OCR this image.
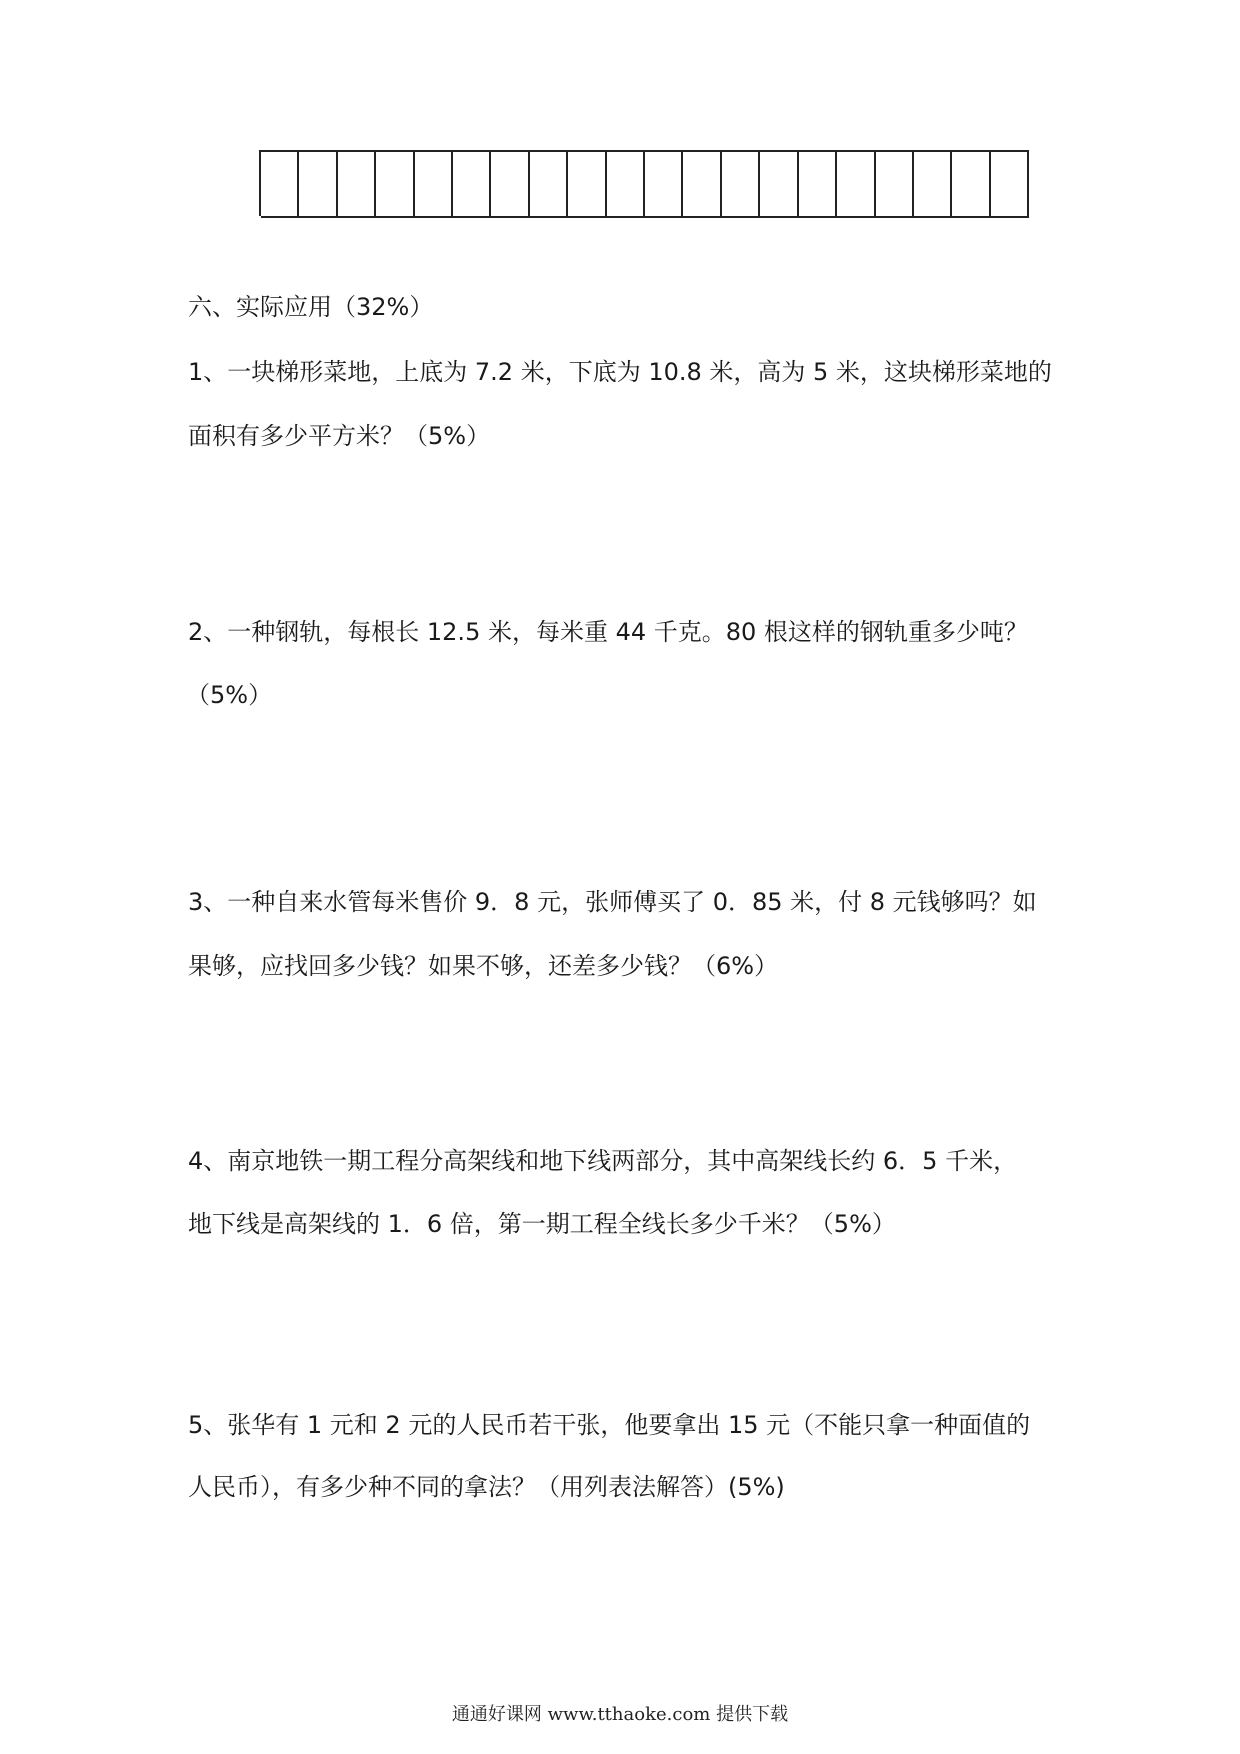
六、实际应用（32%）
1、一块梯形菜地，上底为 7.2 米，下底为 10.8 米，高为 5 米，这块梯形菜地的
面积有多少平方米？（5%）
2、一种钢轨，每根长 12.5 米，每米重 44 千克。80 根这样的钢轨重多少吨？
（5%）
3、一种自来水管每米售价 9．8 元，张师傅买了 0．85 米，付 8 元钱够吗？如
果够，应找回多少钱？如果不够，还差多少钱？（6%）
4、南京地铁一期工程分高架线和地下线两部分，其中高架线长约 6．5 千米，
地下线是高架线的 1．6 倍，第一期工程全线长多少千米？（5%）
5、张华有 1 元和 2 元的人民币若干张，他要拿出 15 元（不能只拿一种面值的
人民币），有多少种不同的拿法？（用列表法解答）(5%)
通通好课网 www.tthaoke.com 提供下载
